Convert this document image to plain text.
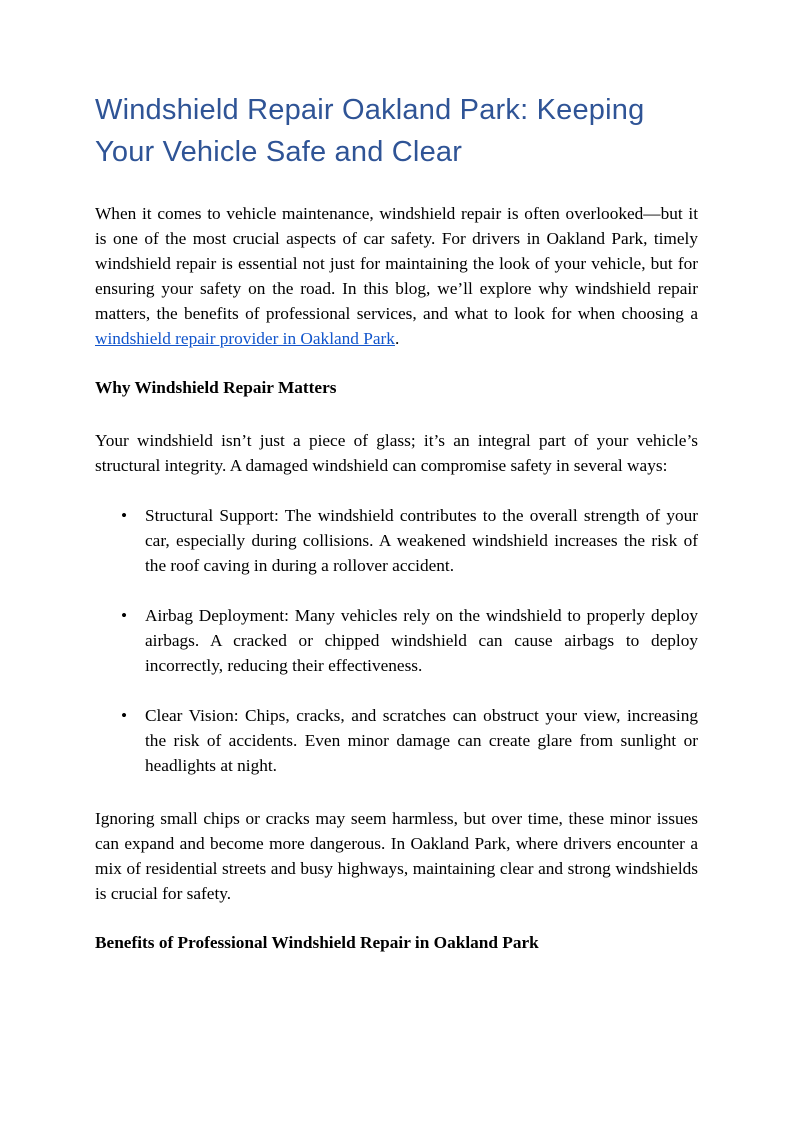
Windshield Repair Oakland Park: Keeping Your Vehicle Safe and Clear

When it comes to vehicle maintenance, windshield repair is often overlooked—but it is one of the most crucial aspects of car safety. For drivers in Oakland Park, timely windshield repair is essential not just for maintaining the look of your vehicle, but for ensuring your safety on the road. In this blog, we’ll explore why windshield repair matters, the benefits of professional services, and what to look for when choosing a windshield repair provider in Oakland Park.

Why Windshield Repair Matters

Your windshield isn’t just a piece of glass; it’s an integral part of your vehicle’s structural integrity. A damaged windshield can compromise safety in several ways:

• Structural Support: The windshield contributes to the overall strength of your car, especially during collisions. A weakened windshield increases the risk of the roof caving in during a rollover accident.
• Airbag Deployment: Many vehicles rely on the windshield to properly deploy airbags. A cracked or chipped windshield can cause airbags to deploy incorrectly, reducing their effectiveness.
• Clear Vision: Chips, cracks, and scratches can obstruct your view, increasing the risk of accidents. Even minor damage can create glare from sunlight or headlights at night.

Ignoring small chips or cracks may seem harmless, but over time, these minor issues can expand and become more dangerous. In Oakland Park, where drivers encounter a mix of residential streets and busy highways, maintaining clear and strong windshields is crucial for safety.

Benefits of Professional Windshield Repair in Oakland Park
